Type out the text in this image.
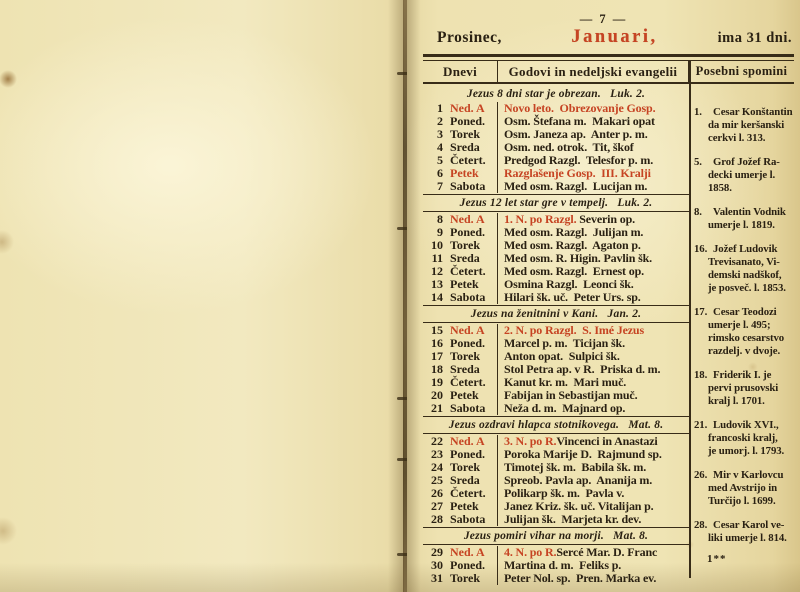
— 7 —
Prosinec,	Januari,	ima 31 dni.
Dnevi	Godovi in nedeljski evangelii	Posebni spomini
Jezus 8 dni star je obrezan.   Luk. 2.
1 Ned. A	Novo leto.  Obrezovanje Gosp.
2 Poned.	Osm. Štefana m.  Makari opat
3 Torek	Osm. Janeza ap.  Anter p. m.
4 Sreda	Osm. ned. otrok.  Tit, škof
5 Četert.	Predgod Razgl.  Telesfor p. m.
6 Petek	Razglašenje Gosp.  III. Kralji
7 Sabota	Med osm. Razgl.  Lucijan m.
Jezus 12 let star gre v tempelj.   Luk. 2.
8 Ned. A	1. N. po Razgl. Severin op.
9 Poned.	Med osm. Razgl.  Julijan m.
10 Torek	Med osm. Razgl.  Agaton p.
11 Sreda	Med osm. R. Higin. Pavlin šk.
12 Četert.	Med osm. Razgl.  Ernest op.
13 Petek	Osmina Razgl.  Leonci šk.
14 Sabota	Hilari šk. uč.  Peter Urs. sp.
Jezus na ženitnini v Kani.   Jan. 2.
15 Ned. A	2. N. po Razgl.  S. Imé Jezus
16 Poned.	Marcel p. m.  Ticijan šk.
17 Torek	Anton opat.  Sulpici šk.
18 Sreda	Stol Petra ap. v R.  Priska d. m.
19 Četert.	Kanut kr. m.  Mari muč.
20 Petek	Fabijan in Sebastijan muč.
21 Sabota	Neža d. m.  Majnard op.
Jezus ozdravi hlapca stotnikovega.   Mat. 8.
22 Ned. A	3. N. po R.Vincenci in Anastazi
23 Poned.	Poroka Marije D.  Rajmund sp.
24 Torek	Timotej šk. m.  Babila šk. m.
25 Sreda	Spreob. Pavla ap.  Ananija m.
26 Četert.	Polikarp šk. m.  Pavla v.
27 Petek	Janez Kriz. šk. uč. Vitalijan p.
28 Sabota	Julijan šk.  Marjeta kr. dev.
Jezus pomiri vihar na morji.   Mat. 8.
29 Ned. A	4. N. po R.Sercé Mar. D. Franc
30 Poned.	Martina d. m.  Feliks p.
31 Torek	Peter Nol. sp.  Pren. Marka ev.
1. Cesar Konštantin
da mir keršanski
cerkvi l. 313.
5. Grof Jožef Ra-
decki umerje l.
1858.
8. Valentin Vodnik
umerje l. 1819.
16. Jožef Ludovik
Trevisanato, Vi-
demski nadškof,
je posveč. l. 1853.
17. Cesar Teodozi
umerje l. 495;
rimsko cesarstvo
razdelj. v dvoje.
18. Friderik I. je
pervi prusovski
kralj l. 1701.
21. Ludovik XVI.,
francoski kralj,
je umorj. l. 1793.
26. Mir v Karlovcu
med Avstrijo in
Turčijo l. 1699.
28. Cesar Karol ve-
liki umerje l. 814.
1**
